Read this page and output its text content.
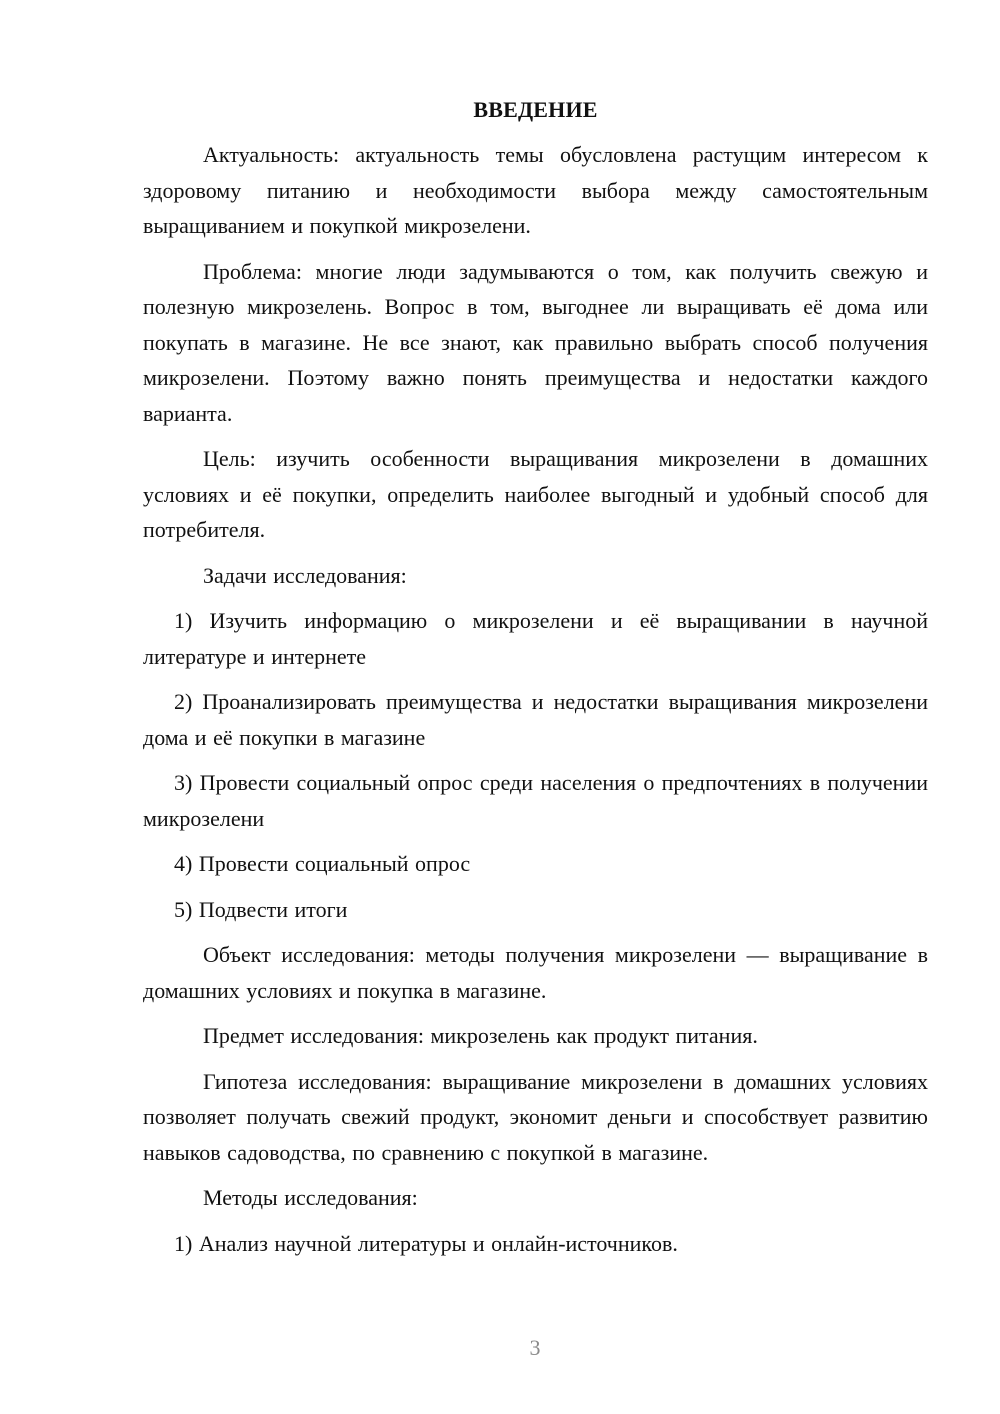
ВВЕДЕНИЕ

Актуальность: актуальность темы обусловлена растущим интересом к здоровому питанию и необходимости выбора между самостоятельным выращиванием и покупкой микрозелени.

Проблема: многие люди задумываются о том, как получить свежую и полезную микрозелень. Вопрос в том, выгоднее ли выращивать её дома или покупать в магазине. Не все знают, как правильно выбрать способ получения микрозелени. Поэтому важно понять преимущества и недостатки каждого варианта.

Цель: изучить особенности выращивания микрозелени в домашних условиях и её покупки, определить наиболее выгодный и удобный способ для потребителя.

Задачи исследования:

1) Изучить информацию о микрозелени и её выращивании в научной литературе и интернете

2) Проанализировать преимущества и недостатки выращивания микрозелени дома и её покупки в магазине

3) Провести социальный опрос среди населения о предпочтениях в получении микрозелени

4) Провести социальный опрос

5) Подвести итоги

Объект исследования: методы получения микрозелени — выращивание в домашних условиях и покупка в магазине.

Предмет исследования: микрозелень как продукт питания.

Гипотеза исследования: выращивание микрозелени в домашних условиях позволяет получать свежий продукт, экономит деньги и способствует развитию навыков садоводства, по сравнению с покупкой в магазине.

Методы исследования:

1) Анализ научной литературы и онлайн-источников.

3
